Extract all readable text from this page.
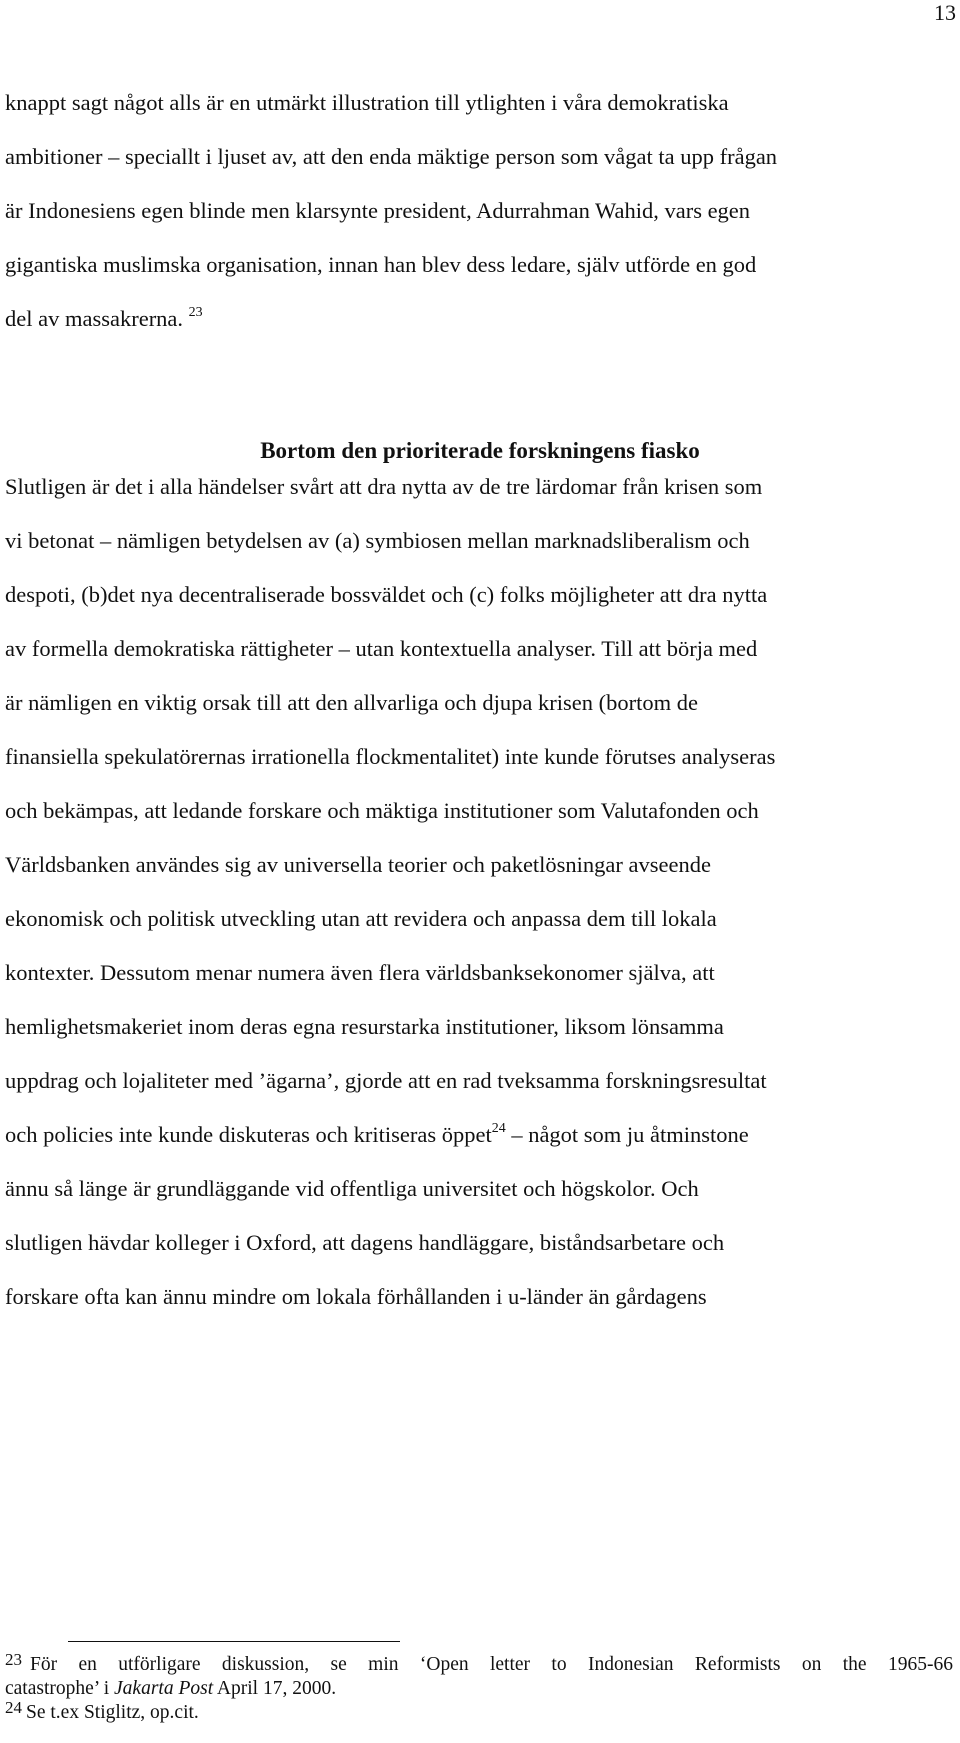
13
knappt sagt något alls är en utmärkt illustration till ytlighten i våra demokratiska
ambitioner – speciallt i ljuset av, att den enda mäktige person som vågat ta upp frågan
är Indonesiens egen blinde men klarsynte president, Adurrahman Wahid, vars egen
gigantiska muslimska organisation, innan han blev dess ledare, själv utförde en god
del av massakrerna. $^{23}$
Bortom den prioriterade forskningens fiasko
Slutligen är det i alla händelser svårt att dra nytta av de tre lärdomar från krisen som
vi betonat – nämligen betydelsen av (a) symbiosen mellan marknadsliberalism och
despoti, (b)det nya decentraliserade bossväldet och (c) folks möjligheter att dra nytta
av formella demokratiska rättigheter – utan kontextuella analyser. Till att börja med
är nämligen en viktig orsak till att den allvarliga och djupa krisen (bortom de
finansiella spekulatörernas irrationella flockmentalitet) inte kunde förutses analyseras
och bekämpas, att ledande forskare och mäktiga institutioner som Valutafonden och
Världsbanken användes sig av universella teorier och paketlösningar avseende
ekonomisk och politisk utveckling utan att revidera och anpassa dem till lokala
kontexter. Dessutom menar numera även flera världsbanksekonomer själva, att
hemlighetsmakeriet inom deras egna resurstarka institutioner, liksom lönsamma
uppdrag och lojaliteter med ’ägarna’, gjorde att en rad tveksamma forskningsresultat
och policies inte kunde diskuteras och kritiseras öppet$^{24}$ – något som ju åtminstone
ännu så länge är grundläggande vid offentliga universitet och högskolor. Och
slutligen hävdar kolleger i Oxford, att dagens handläggare, biståndsarbetare och
forskare ofta kan ännu mindre om lokala förhållanden i u-länder än gårdagens
23 För en utförligare diskussion, se min ‘Open letter to Indonesian Reformists on the 1965-66
catastrophe’ i Jakarta Post April 17, 2000.
24 Se t.ex Stiglitz, op.cit.
